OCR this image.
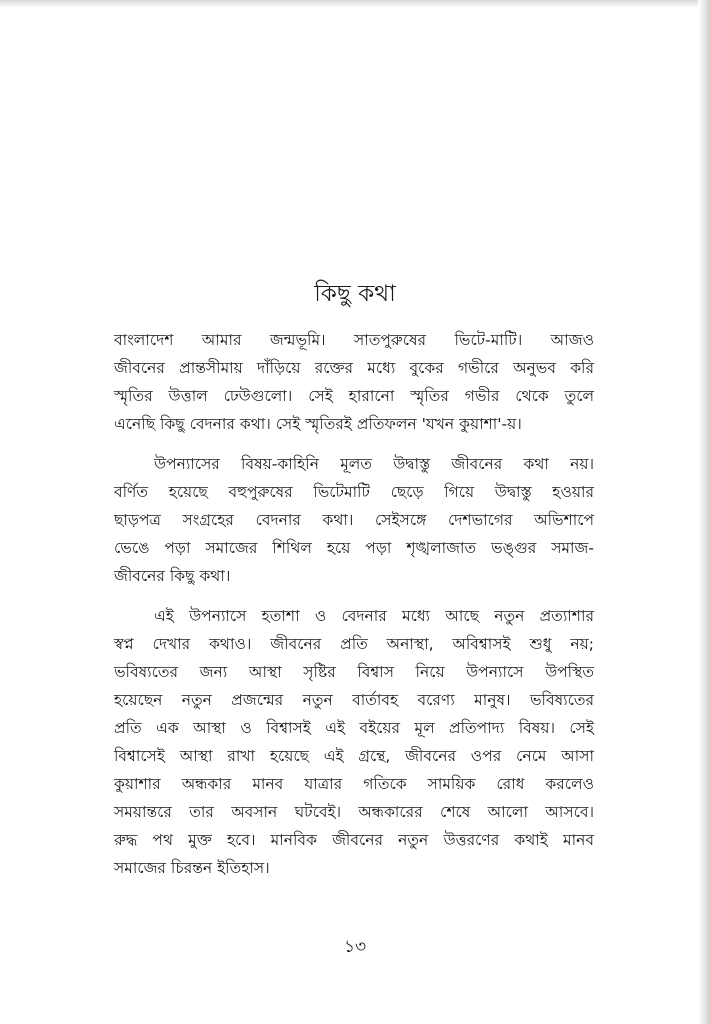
কিছু কথা

বাংলাদেশ আমার জন্মভূমি। সাতপুরুষের ভিটে-মাটি। আজও
জীবনের প্রান্তসীমায় দাঁড়িয়ে রক্তের মধ্যে বুকের গভীরে অনুভব করি
স্মৃতির উত্তাল ঢেউগুলো। সেই হারানো স্মৃতির গভীর থেকে তুলে
এনেছি কিছু বেদনার কথা। সেই স্মৃতিরই প্রতিফলন 'যখন কুয়াশা'-য়।

উপন্যাসের বিষয়-কাহিনি মূলত উদ্বাস্তু জীবনের কথা নয়।
বর্ণিত হয়েছে বহুপুরুষের ভিটেমাটি ছেড়ে গিয়ে উদ্বাস্তু হওয়ার
ছাড়পত্র সংগ্রহের বেদনার কথা। সেইসঙ্গে দেশভাগের অভিশাপে
ভেঙে পড়া সমাজের শিথিল হয়ে পড়া শৃঙ্খলাজাত ভঙ্গুর সমাজ-
জীবনের কিছু কথা।

এই উপন্যাসে হতাশা ও বেদনার মধ্যে আছে নতুন প্রত্যাশার
স্বপ্ন দেখার কথাও। জীবনের প্রতি অনাস্থা, অবিশ্বাসই শুধু নয়;
ভবিষ্যতের জন্য আস্থা সৃষ্টির বিশ্বাস নিয়ে উপন্যাসে উপস্থিত
হয়েছেন নতুন প্রজন্মের নতুন বার্তাবহ বরেণ্য মানুষ। ভবিষ্যতের
প্রতি এক আস্থা ও বিশ্বাসই এই বইয়ের মূল প্রতিপাদ্য বিষয়। সেই
বিশ্বাসেই আস্থা রাখা হয়েছে এই গ্রন্থে, জীবনের ওপর নেমে আসা
কুয়াশার অন্ধকার মানব যাত্রার গতিকে সাময়িক রোধ করলেও
সময়ান্তরে তার অবসান ঘটবেই। অন্ধকারের শেষে আলো আসবে।
রুদ্ধ পথ মুক্ত হবে। মানবিক জীবনের নতুন উত্তরণের কথাই মানব
সমাজের চিরন্তন ইতিহাস।

১৩
